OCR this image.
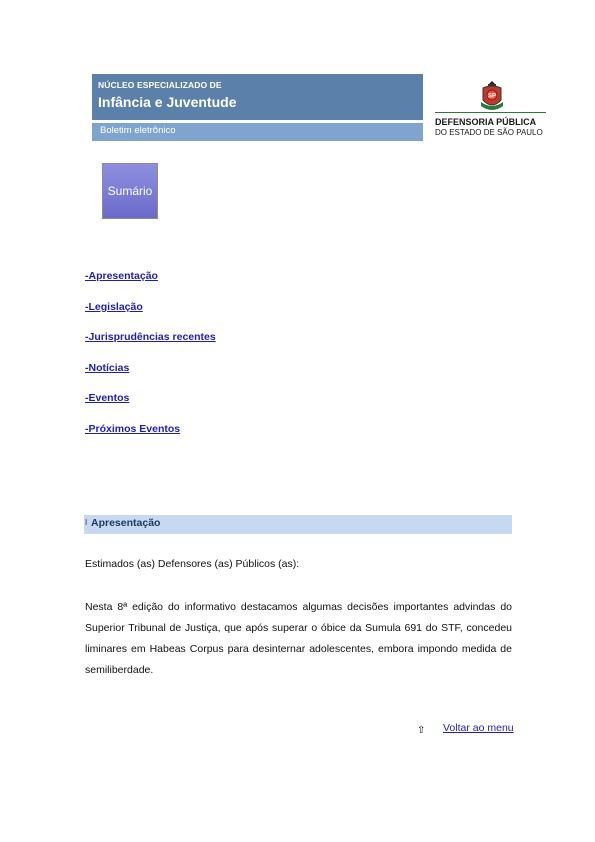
NÚCLEO ESPECIALIZADO DE
Infância e Juventude
Boletim eletrônico
SP
DEFENSORIA PÚBLICA
DO ESTADO DE SÃO PAULO
Sumário
-Apresentação
-Legislação
-Jurisprudências recentes
-Notícias
-Eventos
-Próximos Eventos
I Apresentação
Estimados (as) Defensores (as) Públicos (as):
Nesta 8ª edição do informativo destacamos algumas decisões importantes advindas do Superior Tribunal de Justiça, que após superar o óbice da Sumula 691 do STF, concedeu liminares em Habeas Corpus para desinternar adolescentes, embora impondo medida de semiliberdade.
⇧ Voltar ao menu
